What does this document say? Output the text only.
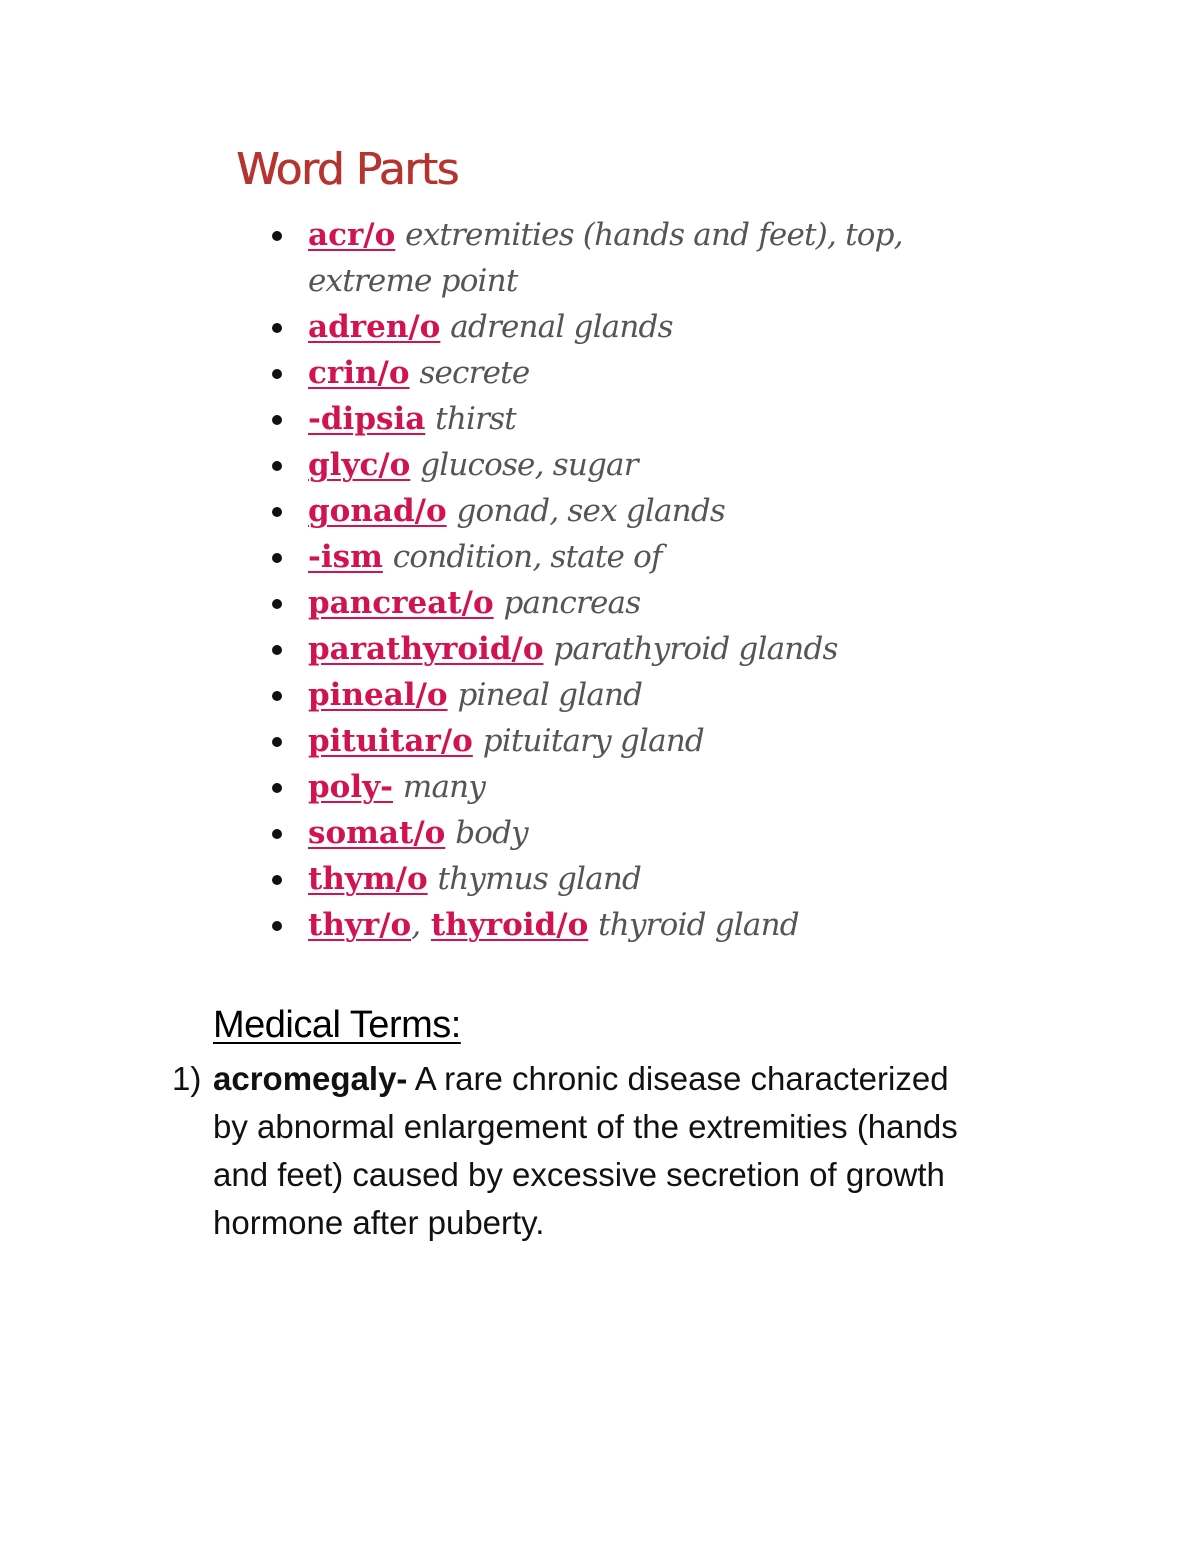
Word Parts
acr/o extremities (hands and feet), top, extreme point
adren/o adrenal glands
crin/o secrete
-dipsia thirst
glyc/o glucose, sugar
gonad/o gonad, sex glands
-ism condition, state of
pancreat/o pancreas
parathyroid/o parathyroid glands
pineal/o pineal gland
pituitar/o pituitary gland
poly- many
somat/o body
thym/o thymus gland
thyr/o, thyroid/o thyroid gland
Medical Terms:
1) acromegaly- A rare chronic disease characterized by abnormal enlargement of the extremities (hands and feet) caused by excessive secretion of growth hormone after puberty.
